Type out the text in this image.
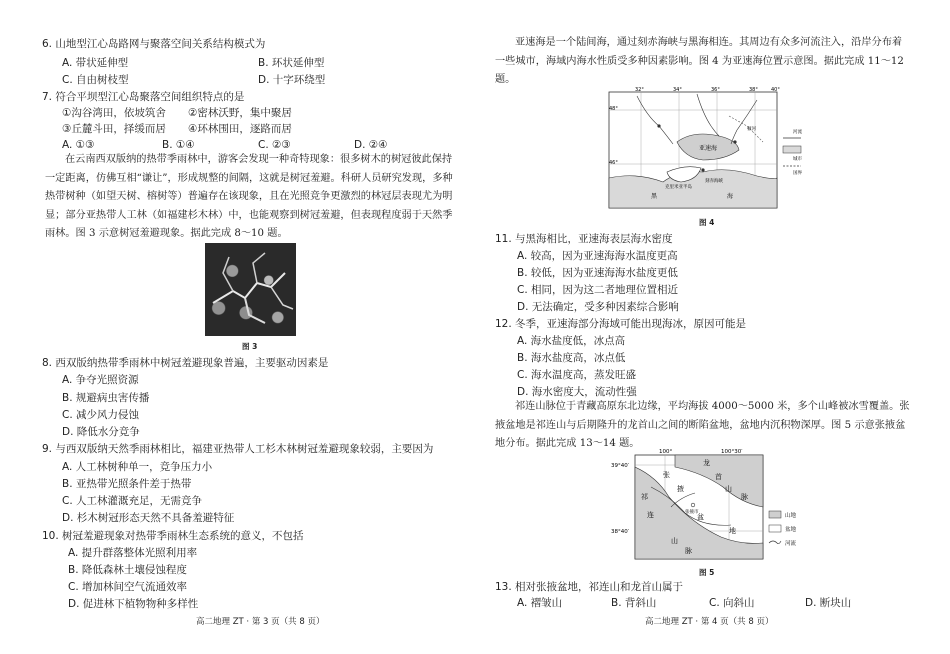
6. 山地型江心岛路网与聚落空间关系结构模式为
A. 带状延伸型	B. 环状延伸型
C. 自由树枝型	D. 十字环绕型
7. 符合平坝型江心岛聚落空间组织特点的是
①沟谷湾田，依坡筑舍 ②密林沃野，集中聚居
③丘麓斗田，择缓而居 ④环林围田，逐路而居
A. ①③	B. ①④	C. ②③	D. ②④
在云南西双版纳的热带季雨林中，游客会发现一种奇特现象：很多树木的树冠彼此保持一定距离，仿佛互相“谦让”，形成规整的间隔，这就是树冠羞避。科研人员研究发现，多种热带树种（如望天树、榕树等）普遍存在该现象，且在光照竞争更激烈的林冠层表现尤为明显；部分亚热带人工林（如福建杉木林）中，也能观察到树冠羞避，但表现程度弱于天然季雨林。图 3 示意树冠羞避现象。据此完成 8～10 题。
图 3
8. 西双版纳热带季雨林中树冠羞避现象普遍，主要驱动因素是
A. 争夺光照资源
B. 规避病虫害传播
C. 减少风力侵蚀
D. 降低水分竞争
9. 与西双版纳天然季雨林相比，福建亚热带人工杉木林树冠羞避现象较弱，主要因为
A. 人工林树种单一，竞争压力小
B. 亚热带光照条件差于热带
C. 人工林灌溉充足，无需竞争
D. 杉木树冠形态天然不具备羞避特征
10. 树冠羞避现象对热带季雨林生态系统的意义，不包括
A. 提升群落整体光照利用率
B. 降低森林土壤侵蚀程度
C. 增加林间空气流通效率
D. 促进林下植物物种多样性
高二地理 ZT · 第 3 页（共 8 页）
亚速海是一个陆间海，通过刻赤海峡与黑海相连。其周边有众多河流注入，沿岸分布着一些城市，海域内海水性质受多种因素影响。图 4 为亚速海位置示意图。据此完成 11～12 题。
32°	34°	36°	38°	40°
48°
46°
亚速海
黑	海
刻赤海峡
克里米亚半岛
顿河
河流
城市
国界
图 4
11. 与黑海相比，亚速海表层海水密度
A. 较高，因为亚速海海水温度更高
B. 较低，因为亚速海海水盐度更低
C. 相同，因为这二者地理位置相近
D. 无法确定，受多种因素综合影响
12. 冬季，亚速海部分海域可能出现海冰，原因可能是
A. 海水盐度低，冰点高
B. 海水盐度高，冰点低
C. 海水温度高，蒸发旺盛
D. 海水密度大，流动性强
祁连山脉位于青藏高原东北边缘，平均海拔 4000～5000 米，多个山峰被冰雪覆盖。张掖盆地是祁连山与后期隆升的龙首山之间的断陷盆地，盆地内沉积物深厚。图 5 示意张掖盆地分布。据此完成 13～14 题。
100°	100°30′
39°40′
38°40′
龙
首
山
脉
张
掖
盆
地
祁
连
山
脉
张掖市
山地
盆地
河流
图 5
13. 相对张掖盆地，祁连山和龙首山属于
A. 褶皱山	B. 背斜山	C. 向斜山	D. 断块山
高二地理 ZT · 第 4 页（共 8 页）
